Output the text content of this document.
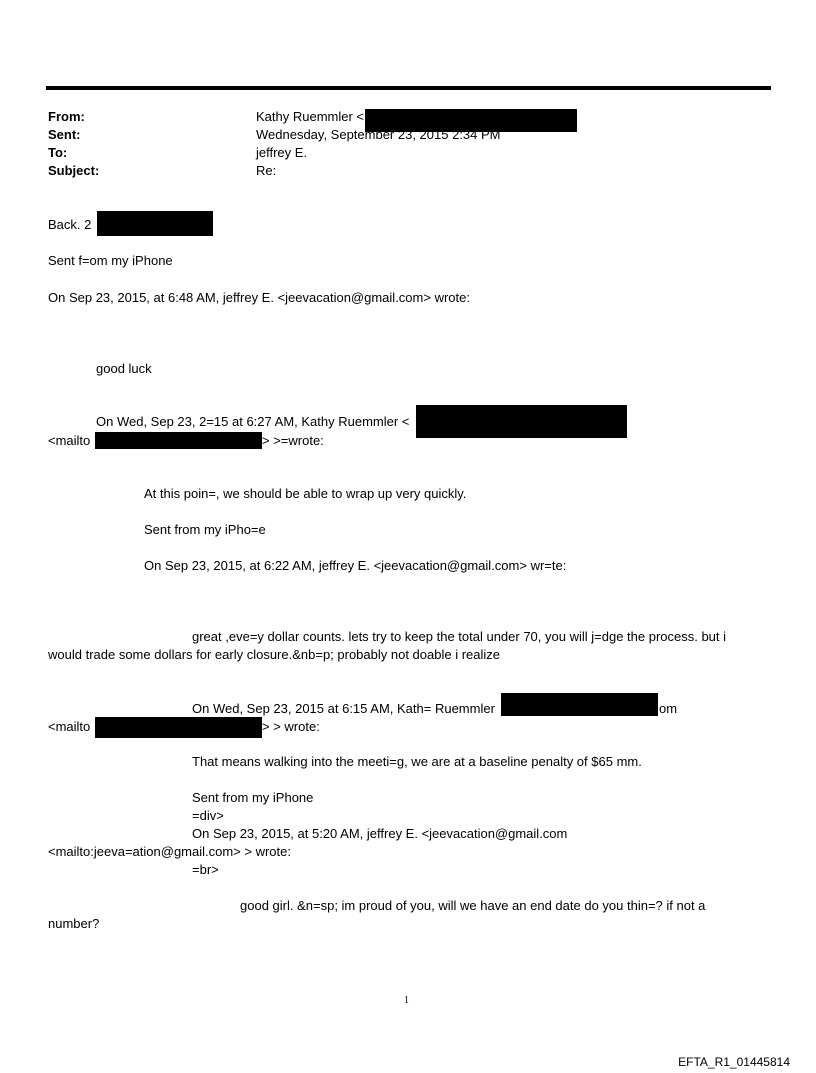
From:	Kathy Ruemmler <
Sent:	Wednesday, September 23, 2015 2:34 PM
To:	jeffrey E.
Subject:	Re:
Back. 2
Sent f=om my iPhone
On Sep 23, 2015, at 6:48 AM, jeffrey E. <jeevacation@gmail.com> wrote:
good luck
On Wed, Sep 23, 2=15 at 6:27 AM, Kathy Ruemmler <
<mailto	> >=wrote:
At this poin=, we should be able to wrap up very quickly.
Sent from my iPho=e
On Sep 23, 2015, at 6:22 AM, jeffrey E. <jeevacation@gmail.com> wr=te:
great ,eve=y dollar counts. lets try to keep the total under 70, you will j=dge the process. but i
would trade some dollars for early closure.&nb=p; probably not doable i realize
On Wed, Sep 23, 2015 at 6:15 AM, Kath= Ruemmler	om
<mailto	> > wrote:
That means walking into the meeti=g, we are at a baseline penalty of $65 mm.
Sent from my iPhone
=div>
On Sep 23, 2015, at 5:20 AM, jeffrey E. <jeevacation@gmail.com
<mailto:jeeva=ation@gmail.com> > wrote:
=br>
good girl. &n=sp; im proud of you, will we have an end date do you thin=? if not a
number?
1
EFTA_R1_01445814
